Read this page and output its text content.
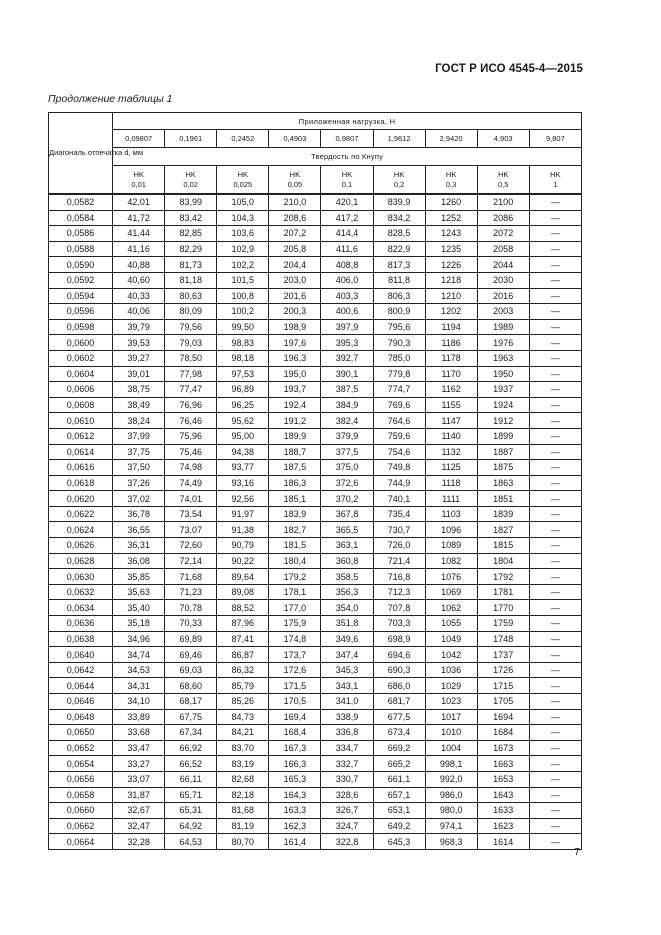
ГОСТ Р ИСО 4545-4—2015
Продолжение таблицы 1
Диагональ отпечатка d, мм	Приложенная нагрузка, Н								
	0,09807	0,1961	0,2452	0,4903	0,9807	1,9612	2,9420	4,903	9,807
	Твердость по Кнупу								
	HK 0,01	HK 0,02	HK 0,025	HK 0,05	HK 0,1	HK 0,2	HK 0,3	HK 0,5	HK 1
0,0582	42,01	83,99	105,0	210,0	420,1	839,9	1260	2100	—
0,0584	41,72	83,42	104,3	208,6	417,2	834,2	1252	2086	—
0,0586	41,44	82,85	103,6	207,2	414,4	828,5	1243	2072	—
0,0588	41,16	82,29	102,9	205,8	411,6	822,9	1235	2058	—
0,0590	40,88	81,73	102,2	204,4	408,8	817,3	1226	2044	—
0,0592	40,60	81,18	101,5	203,0	406,0	811,8	1218	2030	—
0,0594	40,33	80,63	100,8	201,6	403,3	806,3	1210	2016	—
0,0596	40,06	80,09	100,2	200,3	400,6	800,9	1202	2003	—
0,0598	39,79	79,56	99,50	198,9	397,9	795,6	1194	1989	—
0,0600	39,53	79,03	98,83	197,6	395,3	790,3	1186	1976	—
0,0602	39,27	78,50	98,18	196,3	392,7	785,0	1178	1963	—
0,0604	39,01	77,98	97,53	195,0	390,1	779,8	1170	1950	—
0,0606	38,75	77,47	96,89	193,7	387,5	774,7	1162	1937	—
0,0608	38,49	76,96	96,25	192,4	384,9	769,6	1155	1924	—
0,0610	38,24	76,46	95,62	191,2	382,4	764,6	1147	1912	—
0,0612	37,99	75,96	95,00	189,9	379,9	759,6	1140	1899	—
0,0614	37,75	75,46	94,38	188,7	377,5	754,6	1132	1887	—
0,0616	37,50	74,98	93,77	187,5	375,0	749,8	1125	1875	—
0,0618	37,26	74,49	93,16	186,3	372,6	744,9	1118	1863	—
0,0620	37,02	74,01	92,56	185,1	370,2	740,1	1111	1851	—
0,0622	36,78	73,54	91,97	183,9	367,8	735,4	1103	1839	—
0,0624	36,55	73,07	91,38	182,7	365,5	730,7	1096	1827	—
0,0626	36,31	72,60	90,79	181,5	363,1	726,0	1089	1815	—
0,0628	36,08	72,14	90,22	180,4	360,8	721,4	1082	1804	—
0,0630	35,85	71,68	89,64	179,2	358,5	716,8	1076	1792	—
0,0632	35,63	71,23	89,08	178,1	356,3	712,3	1069	1781	—
0,0634	35,40	70,78	88,52	177,0	354,0	707,8	1062	1770	—
0,0636	35,18	70,33	87,96	175,9	351,8	703,3	1055	1759	—
0,0638	34,96	69,89	87,41	174,8	349,6	698,9	1049	1748	—
0,0640	34,74	69,46	86,87	173,7	347,4	694,6	1042	1737	—
0,0642	34,53	69,03	86,32	172,6	345,3	690,3	1036	1726	—
0,0644	34,31	68,60	85,79	171,5	343,1	686,0	1029	1715	—
0,0646	34,10	68,17	85,26	170,5	341,0	681,7	1023	1705	—
0,0648	33,89	67,75	84,73	169,4	338,9	677,5	1017	1694	—
0,0650	33,68	67,34	84,21	168,4	336,8	673,4	1010	1684	—
0,0652	33,47	66,92	83,70	167,3	334,7	669,2	1004	1673	—
0,0654	33,27	66,52	83,19	166,3	332,7	665,2	998,1	1663	—
0,0656	33,07	66,11	82,68	165,3	330,7	661,1	992,0	1653	—
0,0658	31,87	65,71	82,18	164,3	328,6	657,1	986,0	1643	—
0,0660	32,67	65,31	81,68	163,3	326,7	653,1	980,0	1633	—
0,0662	32,47	64,92	81,19	162,3	324,7	649,2	974,1	1623	—
0,0664	32,28	64,53	80,70	161,4	322,8	645,3	968,3	1614	—
7
